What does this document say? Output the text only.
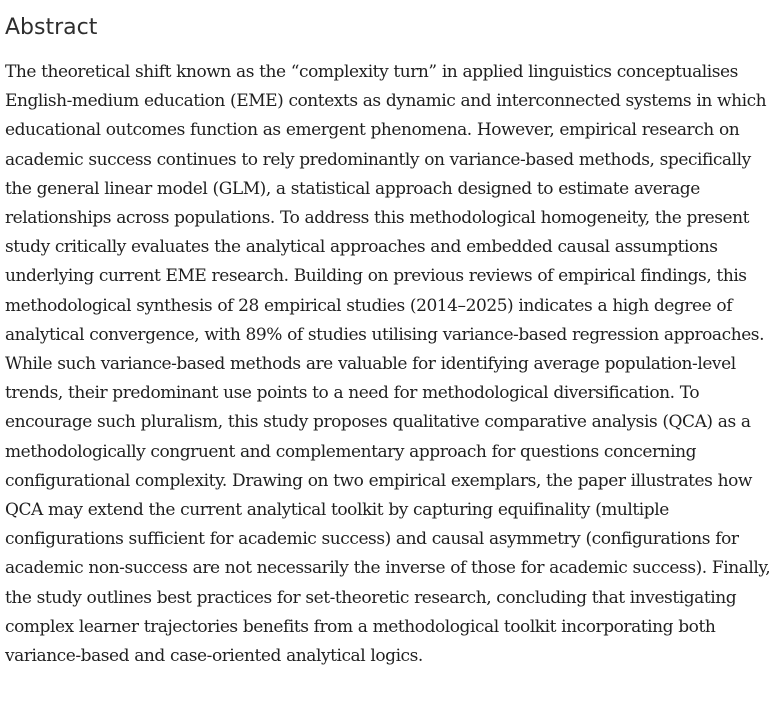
Abstract

The theoretical shift known as the “complexity turn” in applied linguistics conceptualises English-medium education (EME) contexts as dynamic and interconnected systems in which educational outcomes function as emergent phenomena. However, empirical research on academic success continues to rely predominantly on variance-based methods, specifically the general linear model (GLM), a statistical approach designed to estimate average relationships across populations. To address this methodological homogeneity, the present study critically evaluates the analytical approaches and embedded causal assumptions underlying current EME research. Building on previous reviews of empirical findings, this methodological synthesis of 28 empirical studies (2014–2025) indicates a high degree of analytical convergence, with 89% of studies utilising variance-based regression approaches. While such variance-based methods are valuable for identifying average population-level trends, their predominant use points to a need for methodological diversification. To encourage such pluralism, this study proposes qualitative comparative analysis (QCA) as a methodologically congruent and complementary approach for questions concerning configurational complexity. Drawing on two empirical exemplars, the paper illustrates how QCA may extend the current analytical toolkit by capturing equifinality (multiple configurations sufficient for academic success) and causal asymmetry (configurations for academic non-success are not necessarily the inverse of those for academic success). Finally, the study outlines best practices for set-theoretic research, concluding that investigating complex learner trajectories benefits from a methodological toolkit incorporating both variance-based and case-oriented analytical logics.
